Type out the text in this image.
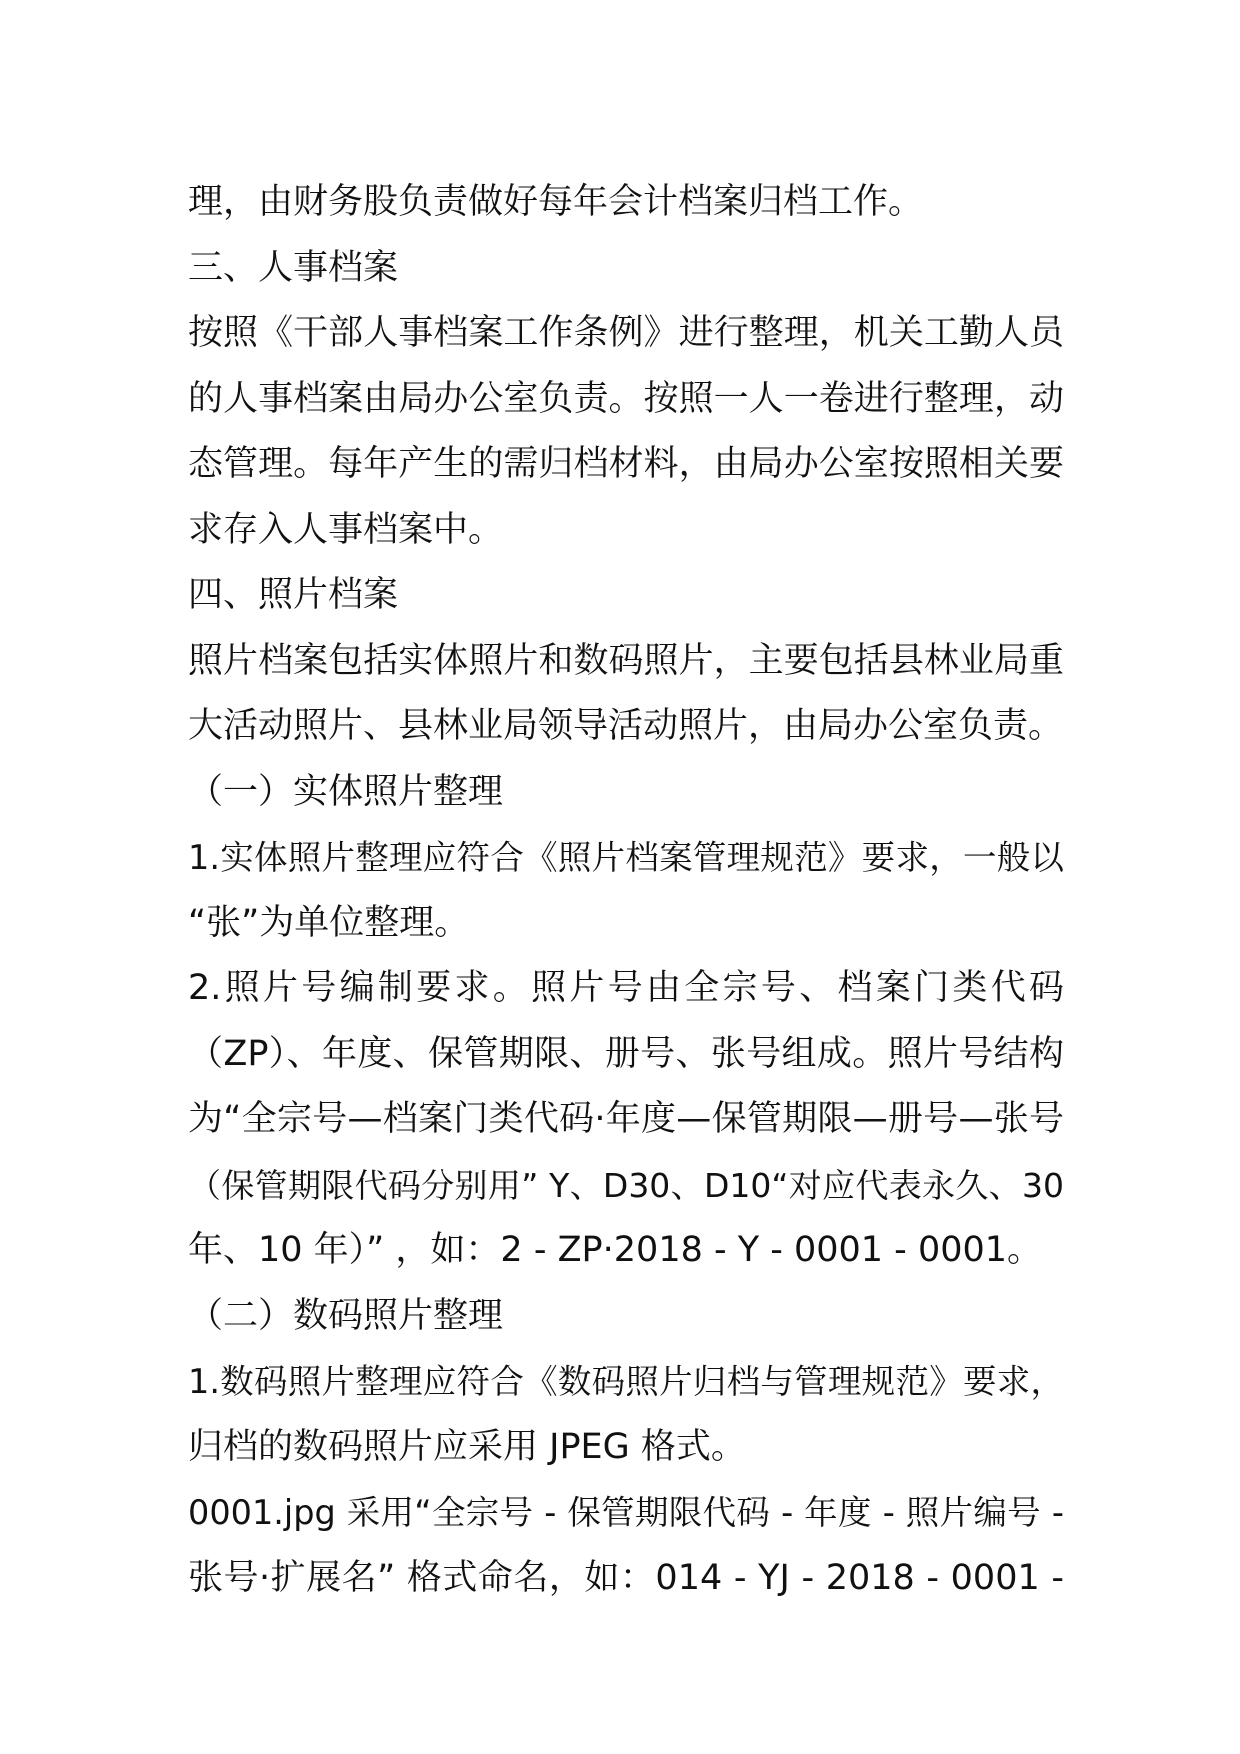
理，由财务股负责做好每年会计档案归档工作。
三、人事档案
按照《干部人事档案工作条例》进行整理，机关工勤人员
的人事档案由局办公室负责。按照一人一卷进行整理，动
态管理。每年产生的需归档材料，由局办公室按照相关要
求存入人事档案中。
四、照片档案
照片档案包括实体照片和数码照片，主要包括县林业局重
大活动照片、县林业局领导活动照片，由局办公室负责。
（一）实体照片整理
1.实体照片整理应符合《照片档案管理规范》要求，一般以
“张”为单位整理。
2.照片号编制要求。照片号由全宗号、档案门类代码
（ZP）、年度、保管期限、册号、张号组成。照片号结构
为“全宗号—档案门类代码·年度—保管期限—册号—张号
（保管期限代码分别用” Y、D30、D10“对应代表永久、30
年、10 年）” ，如：2 - ZP·2018 - Y - 0001 - 0001。
（二）数码照片整理
1.数码照片整理应符合《数码照片归档与管理规范》要求，
归档的数码照片应采用 JPEG 格式。
0001.jpg 采用“全宗号 - 保管期限代码 - 年度 - 照片编号 -
张号·扩展名” 格式命名，如：014 - YJ - 2018 - 0001 -
